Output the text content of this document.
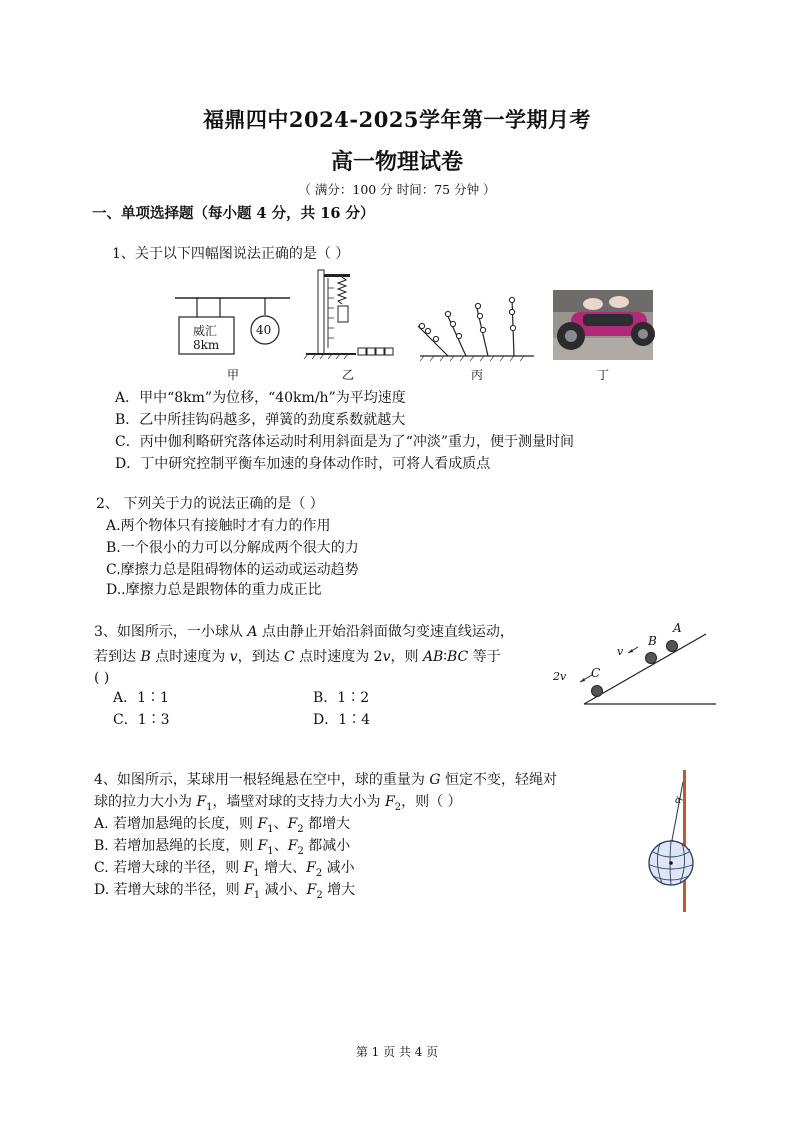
福鼎四中2024-2025学年第一学期月考
高一物理试卷
（ 满分：100 分 时间：75 分钟 ）
一、单项选择题（每小题 4 分，共 16 分）
1、关于以下四幅图说法正确的是（ ）
威汇
8km
40
甲	乙	丙	丁
A．甲中“8km”为位移，“40km/h”为平均速度
B．乙中所挂钩码越多，弹簧的劲度系数就越大
C．丙中伽利略研究落体运动时利用斜面是为了“冲淡”重力，便于测量时间
D．丁中研究控制平衡车加速的身体动作时，可将人看成质点
2、 下列关于力的说法正确的是（ ）
A.两个物体只有接触时才有力的作用
B.一个很小的力可以分解成两个很大的力
C.摩擦力总是阻碍物体的运动或运动趋势
D..摩擦力总是跟物体的重力成正比
3、如图所示，一小球从 A 点由静止开始沿斜面做匀变速直线运动，
若到达 B 点时速度为 v，到达 C 点时速度为 2v，则 AB∶BC 等于
( )
A．1∶1	B．1∶2
C．1∶3	D．1∶4
A
B
C
v
2v
4、如图所示，某球用一根轻绳悬在空中，球的重量为 G 恒定不变，轻绳对
球的拉力大小为 $F_1$，墙壁对球的支持力大小为 $F_2$，则（ ）
A. 若增加悬绳的长度，则 $F_1$、$F_2$ 都增大
B. 若增加悬绳的长度，则 $F_1$、$F_2$ 都减小
C. 若增大球的半径，则 $F_1$ 增大、$F_2$ 减小
D. 若增大球的半径，则 $F_1$ 减小、$F_2$ 增大
α
第 1 页 共 4 页
